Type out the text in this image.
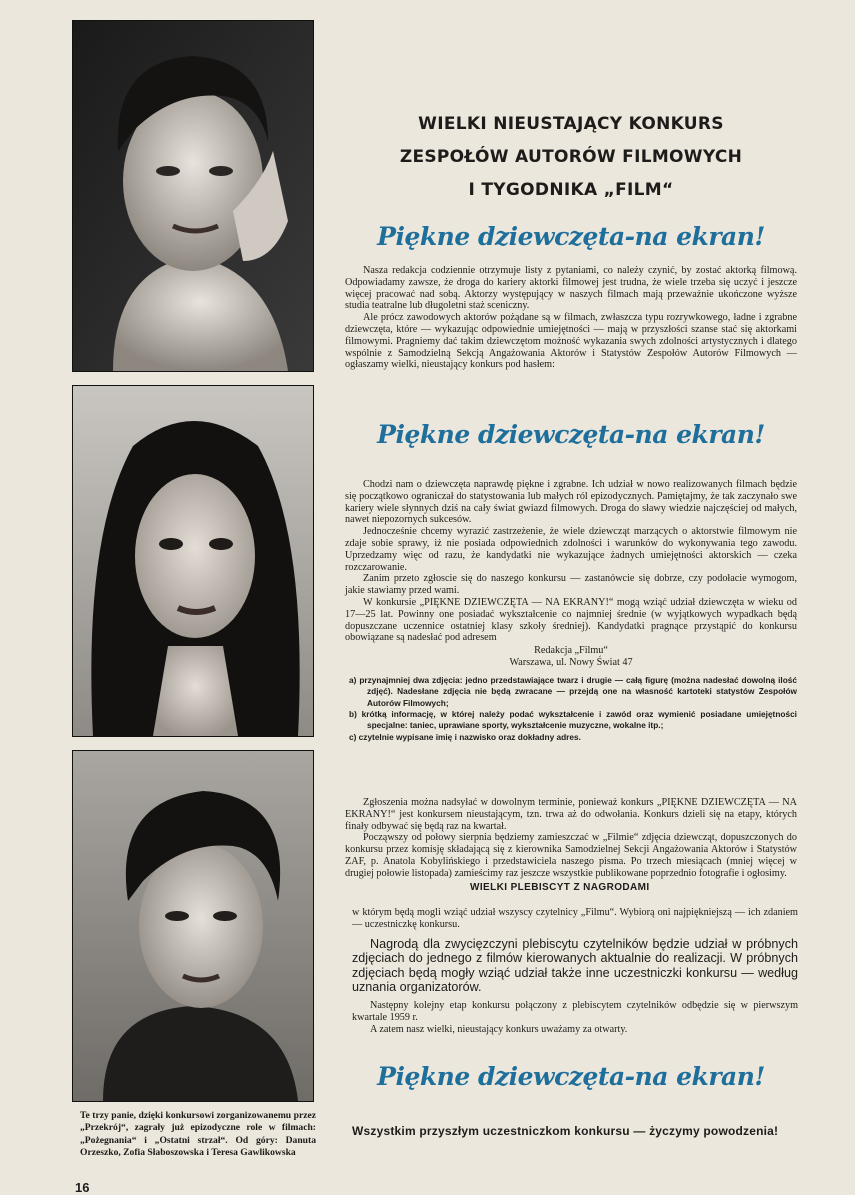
Te trzy panie, dzięki konkursowi zorganizowanemu przez „Przekrój“, zagrały już epizodyczne role w filmach: „Pożegnania“ i „Ostatni strzał“. Od góry: Danuta Orzeszko, Zofia Słaboszowska i Teresa Gawlikowska
16
WIELKI NIEUSTAJĄCY KONKURS
ZESPOŁÓW AUTORÓW FILMOWYCH
I TYGODNIKA „FILM“
Piękne dziewczęta-na ekran!

Nasza redakcja codziennie otrzymuje listy z pytaniami, co należy czynić, by zostać aktorką filmową. Odpowiadamy zawsze, że droga do kariery aktorki filmowej jest trudna, że wiele trzeba się uczyć i jeszcze więcej pracować nad sobą. Aktorzy występujący w naszych filmach mają przeważnie ukończone wyższe studia teatralne lub długoletni staż sceniczny.

Ale prócz zawodowych aktorów pożądane są w filmach, zwłaszcza typu rozrywkowego, ładne i zgrabne dziewczęta, które — wykazując odpowiednie umiejętności — mają w przyszłości szanse stać się aktorkami filmowymi. Pragniemy dać takim dziewczętom możność wykazania swych zdolności artystycznych i dlatego wspólnie z Samodzielną Sekcją Angażowania Aktorów i Statystów Zespołów Autorów Filmowych — ogłaszamy wielki, nieustający konkurs pod hasłem:

Piękne dziewczęta-na ekran!

Chodzi nam o dziewczęta naprawdę piękne i zgrabne. Ich udział w nowo realizowanych filmach będzie się początkowo ograniczał do statystowania lub małych ról epizodycznych. Pamiętajmy, że tak zaczynało swe kariery wiele słynnych dziś na cały świat gwiazd filmowych. Droga do sławy wiedzie najczęściej od małych, nawet niepozornych sukcesów.

Jednocześnie chcemy wyrazić zastrzeżenie, że wiele dziewcząt marzących o aktorstwie filmowym nie zdaje sobie sprawy, iż nie posiada odpowiednich zdolności i warunków do wykonywania tego zawodu. Uprzedzamy więc od razu, że kandydatki nie wykazujące żadnych umiejętności aktorskich — czeka rozczarowanie.

Zanim przeto zgłoscie się do naszego konkursu — zastanówcie się dobrze, czy podołacie wymogom, jakie stawiamy przed wami.

W konkursie „PIĘKNE DZIEWCZĘTA — NA EKRANY!“ mogą wziąć udział dziewczęta w wieku od 17—25 lat. Powinny one posiadać wykształcenie co najmniej średnie (w wyjątkowych wypadkach będą dopuszczane uczennice ostatniej klasy szkoły średniej). Kandydatki pragnące przystąpić do konkursu obowiązane są nadesłać pod adresem

Redakcja „Filmu“
Warszawa, ul. Nowy Świat 47
a) przynajmniej dwa zdjęcia: jedno przedstawiające twarz i drugie — całą figurę (można nadesłać dowolną ilość zdjęć). Nadesłane zdjęcia nie będą zwracane — przejdą one na własność kartoteki statystów Zespołów Autorów Filmowych;
b) krótką informację, w której należy podać wykształcenie i zawód oraz wymienić posiadane umiejętności specjalne: taniec, uprawiane sporty, wykształcenie muzyczne, wokalne itp.;
c) czytelnie wypisane imię i nazwisko oraz dokładny adres.

Zgłoszenia można nadsyłać w dowolnym terminie, ponieważ konkurs „PIĘKNE DZIEWCZĘTA — NA EKRANY!“ jest konkursem nieustającym, tzn. trwa aż do odwołania. Konkurs dzieli się na etapy, których finały odbywać się będą raz na kwartał.

Począwszy od połowy sierpnia będziemy zamieszczać w „Filmie“ zdjęcia dziewcząt, dopuszczonych do konkursu przez komisję składającą się z kierownika Samodzielnej Sekcji Angażowania Aktorów i Statystów ZAF, p. Anatola Kobylińskiego i przedstawiciela naszego pisma. Po trzech miesiącach (mniej więcej w drugiej połowie listopada) zamieścimy raz jeszcze wszystkie publikowane poprzednio fotografie i ogłosimy.

WIELKI PLEBISCYT Z NAGRODAMI

w którym będą mogli wziąć udział wszyscy czytelnicy „Filmu“. Wybiorą oni najpiękniejszą — ich zdaniem — uczestniczkę konkursu.

Nagrodą dla zwycięzczyni plebiscytu czytelników będzie udział w próbnych zdjęciach do jednego z filmów kierowanych aktualnie do realizacji. W próbnych zdjęciach będą mogły wziąć udział także inne uczestniczki konkursu — według uznania organizatorów.

Następny kolejny etap konkursu połączony z plebiscytem czytelników odbędzie się w pierwszym kwartale 1959 r.

A zatem nasz wielki, nieustający konkurs uważamy za otwarty.

Piękne dziewczęta-na ekran!
Wszystkim przyszłym uczestniczkom konkursu — życzymy powodzenia!
